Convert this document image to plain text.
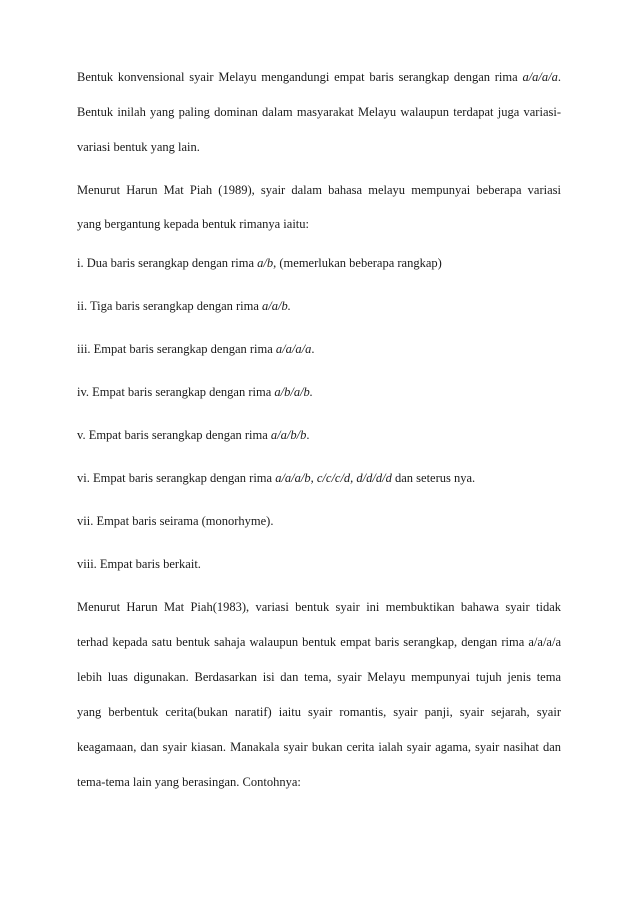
Bentuk konvensional syair Melayu mengandungi empat baris serangkap dengan rima a/a/a/a.
Bentuk inilah yang paling dominan dalam masyarakat Melayu walaupun terdapat juga variasi-
variasi bentuk yang lain.
Menurut Harun Mat Piah (1989), syair dalam bahasa melayu mempunyai beberapa variasi
yang bergantung kepada bentuk rimanya iaitu:
i. Dua baris serangkap dengan rima a/b, (memerlukan beberapa rangkap)
ii. Tiga baris serangkap dengan rima a/a/b.
iii. Empat baris serangkap dengan rima a/a/a/a.
iv. Empat baris serangkap dengan rima a/b/a/b.
v. Empat baris serangkap dengan rima a/a/b/b.
vi. Empat baris serangkap dengan rima a/a/a/b, c/c/c/d, d/d/d/d dan seterus nya.
vii. Empat baris seirama (monorhyme).
viii. Empat baris berkait.
Menurut Harun Mat Piah(1983), variasi bentuk syair ini membuktikan bahawa syair tidak
terhad kepada satu bentuk sahaja walaupun bentuk empat baris serangkap, dengan rima a/a/a/a
lebih luas digunakan. Berdasarkan isi dan tema, syair Melayu mempunyai tujuh jenis tema
yang berbentuk cerita(bukan naratif) iaitu syair romantis, syair panji, syair sejarah, syair
keagamaan, dan syair kiasan. Manakala syair bukan cerita ialah syair agama, syair nasihat dan
tema-tema lain yang berasingan. Contohnya:
